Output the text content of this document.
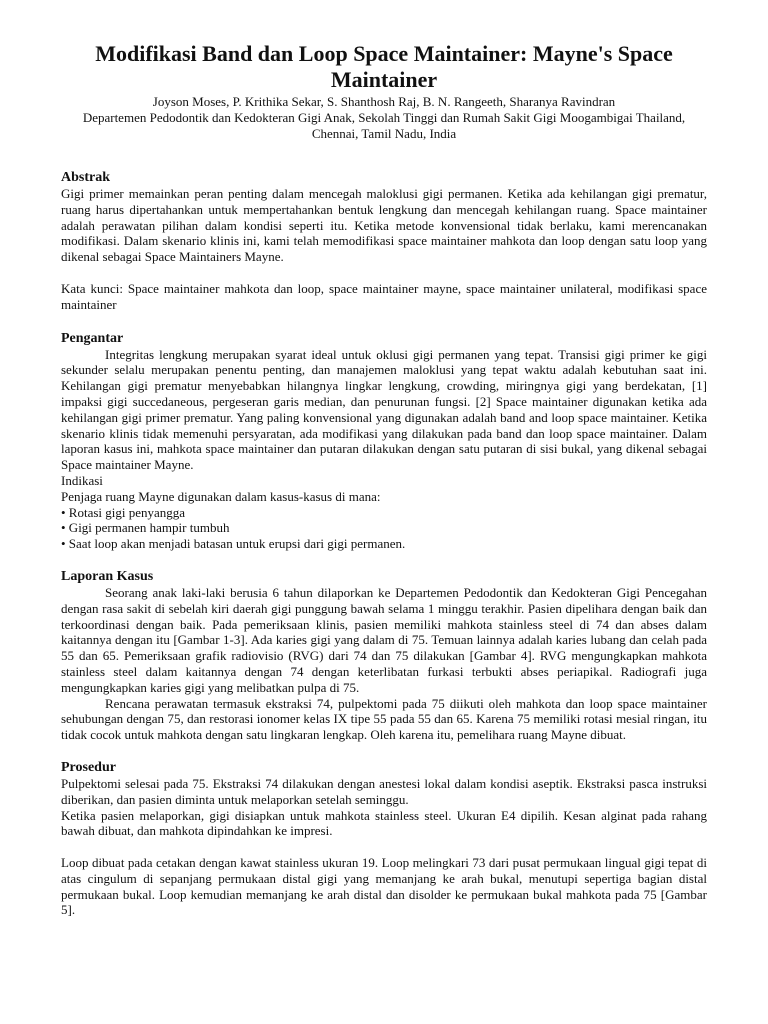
Modifikasi Band dan Loop Space Maintainer: Mayne's Space Maintainer

Joyson Moses, P. Krithika Sekar, S. Shanthosh Raj, B. N. Rangeeth, Sharanya Ravindran

Departemen Pedodontik dan Kedokteran Gigi Anak, Sekolah Tinggi dan Rumah Sakit Gigi Moogambigai Thailand, Chennai, Tamil Nadu, India

Abstrak

Gigi primer memainkan peran penting dalam mencegah maloklusi gigi permanen. Ketika ada kehilangan gigi prematur, ruang harus dipertahankan untuk mempertahankan bentuk lengkung dan mencegah kehilangan ruang. Space maintainer adalah perawatan pilihan dalam kondisi seperti itu. Ketika metode konvensional tidak berlaku, kami merencanakan modifikasi. Dalam skenario klinis ini, kami telah memodifikasi space maintainer mahkota dan loop dengan satu loop yang dikenal sebagai Space Maintainers Mayne.

Kata kunci: Space maintainer mahkota dan loop, space maintainer mayne, space maintainer unilateral, modifikasi space maintainer

Pengantar

Integritas lengkung merupakan syarat ideal untuk oklusi gigi permanen yang tepat. Transisi gigi primer ke gigi sekunder selalu merupakan penentu penting, dan manajemen maloklusi yang tepat waktu adalah kebutuhan saat ini. Kehilangan gigi prematur menyebabkan hilangnya lingkar lengkung, crowding, miringnya gigi yang berdekatan, [1] impaksi gigi succedaneous, pergeseran garis median, dan penurunan fungsi. [2] Space maintainer digunakan ketika ada kehilangan gigi primer prematur. Yang paling konvensional yang digunakan adalah band and loop space maintainer. Ketika skenario klinis tidak memenuhi persyaratan, ada modifikasi yang dilakukan pada band dan loop space maintainer. Dalam laporan kasus ini, mahkota space maintainer dan putaran dilakukan dengan satu putaran di sisi bukal, yang dikenal sebagai Space maintainer Mayne.

Indikasi

Penjaga ruang Mayne digunakan dalam kasus-kasus di mana:

• Rotasi gigi penyangga

• Gigi permanen hampir tumbuh

• Saat loop akan menjadi batasan untuk erupsi dari gigi permanen.

Laporan Kasus

Seorang anak laki-laki berusia 6 tahun dilaporkan ke Departemen Pedodontik dan Kedokteran Gigi Pencegahan dengan rasa sakit di sebelah kiri daerah gigi punggung bawah selama 1 minggu terakhir. Pasien dipelihara dengan baik dan terkoordinasi dengan baik. Pada pemeriksaan klinis, pasien memiliki mahkota stainless steel di 74 dan abses dalam kaitannya dengan itu [Gambar 1-3]. Ada karies gigi yang dalam di 75. Temuan lainnya adalah karies lubang dan celah pada 55 dan 65. Pemeriksaan grafik radiovisio (RVG) dari 74 dan 75 dilakukan [Gambar 4]. RVG mengungkapkan mahkota stainless steel dalam kaitannya dengan 74 dengan keterlibatan furkasi terbukti abses periapikal. Radiografi juga mengungkapkan karies gigi yang melibatkan pulpa di 75.

Rencana perawatan termasuk ekstraksi 74, pulpektomi pada 75 diikuti oleh mahkota dan loop space maintainer sehubungan dengan 75, dan restorasi ionomer kelas IX tipe 55 pada 55 dan 65. Karena 75 memiliki rotasi mesial ringan, itu tidak cocok untuk mahkota dengan satu lingkaran lengkap. Oleh karena itu, pemelihara ruang Mayne dibuat.

Prosedur

Pulpektomi selesai pada 75. Ekstraksi 74 dilakukan dengan anestesi lokal dalam kondisi aseptik. Ekstraksi pasca instruksi diberikan, dan pasien diminta untuk melaporkan setelah seminggu.

Ketika pasien melaporkan, gigi disiapkan untuk mahkota stainless steel. Ukuran E4 dipilih. Kesan alginat pada rahang bawah dibuat, dan mahkota dipindahkan ke impresi.

Loop dibuat pada cetakan dengan kawat stainless ukuran 19. Loop melingkari 73 dari pusat permukaan lingual gigi tepat di atas cingulum di sepanjang permukaan distal gigi yang memanjang ke arah bukal, menutupi sepertiga bagian distal permukaan bukal. Loop kemudian memanjang ke arah distal dan disolder ke permukaan bukal mahkota pada 75 [Gambar 5].
